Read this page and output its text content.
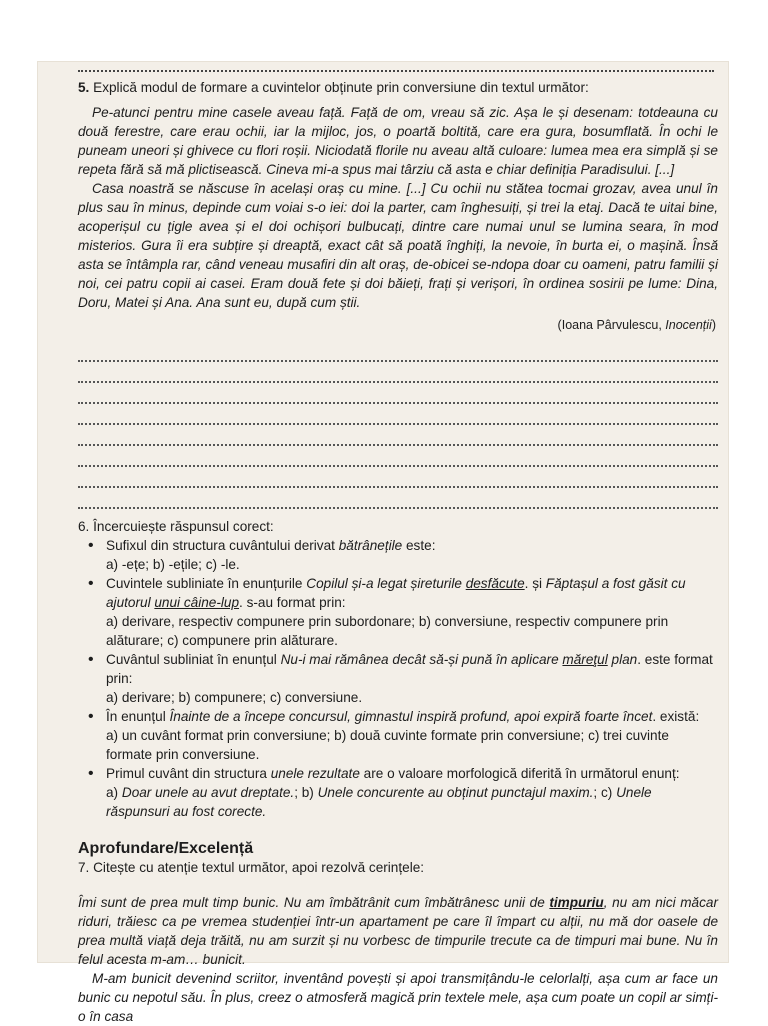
5. Explică modul de formare a cuvintelor obținute prin conversiune din textul următor:

Pe-atunci pentru mine casele aveau față. Față de om, vreau să zic. Așa le și desenam: totdeauna cu două ferestre, care erau ochii, iar la mijloc, jos, o poartă boltită, care era gura, bosumflată. În ochi le puneam uneori și ghivece cu flori roșii. Niciodată florile nu aveau altă culoare: lumea mea era simplă și se repeta fără să mă plictisească. Cineva mi-a spus mai târziu că asta e chiar definiția Paradisului. [...]

Casa noastră se născuse în același oraș cu mine. [...] Cu ochii nu stătea tocmai grozav, avea unul în plus sau în minus, depinde cum voiai s-o iei: doi la parter, cam înghesuiți, și trei la etaj. Dacă te uitai bine, acoperișul cu țigle avea și el doi ochișori bulbucați, dintre care numai unul se lumina seara, în mod misterios. Gura îi era subțire și dreaptă, exact cât să poată înghiți, la nevoie, în burta ei, o mașină. Însă asta se întâmpla rar, când veneau musafiri din alt oraș, de-obicei se-ndopa doar cu oameni, patru familii și noi, cei patru copii ai casei. Eram două fete și doi băieți, frați și verișori, în ordinea sosirii pe lume: Dina, Doru, Matei și Ana. Ana sunt eu, după cum știi.

(Ioana Pârvulescu, Inocenții)
6. Încercuiește răspunsul corect:
• Sufixul din structura cuvântului derivat bătrânețile este:
a) -ețe; b) -ețile; c) -le.
• Cuvintele subliniate în enunțurile Copilul și-a legat șireturile desfăcute. și Făptașul a fost găsit cu ajutorul unui câine-lup. s-au format prin:
a) derivare, respectiv compunere prin subordonare; b) conversiune, respectiv compunere prin alăturare; c) compunere prin alăturare.
• Cuvântul subliniat în enunțul Nu-i mai rămânea decât să-și pună în aplicare măreţul plan. este format prin:
a) derivare; b) compunere; c) conversiune.
• În enunțul Înainte de a începe concursul, gimnastul inspiră profund, apoi expiră foarte încet. există:
a) un cuvânt format prin conversiune; b) două cuvinte formate prin conversiune; c) trei cuvinte formate prin conversiune.
• Primul cuvânt din structura unele rezultate are o valoare morfologică diferită în următorul enunț:
a) Doar unele au avut dreptate.; b) Unele concurente au obținut punctajul maxim.; c) Unele răspunsuri au fost corecte.
Aprofundare/Excelență
7. Citește cu atenție textul următor, apoi rezolvă cerințele:

Îmi sunt de prea mult timp bunic. Nu am îmbătrânit cum îmbătrânesc unii de timpuriu, nu am nici măcar riduri, trăiesc ca pe vremea studenției într-un apartament pe care îl împart cu alții, nu mă dor oasele de prea multă viață deja trăită, nu am surzit și nu vorbesc de timpurile trecute ca de timpuri mai bune. Nu în felul acesta m-am… bunicit.

M-am bunicit devenind scriitor, inventând povești și apoi transmițându-le celorlalți, așa cum ar face un bunic cu nepotul său. În plus, creez o atmosferă magică prin textele mele, așa cum poate un copil ar simți-o în casa
